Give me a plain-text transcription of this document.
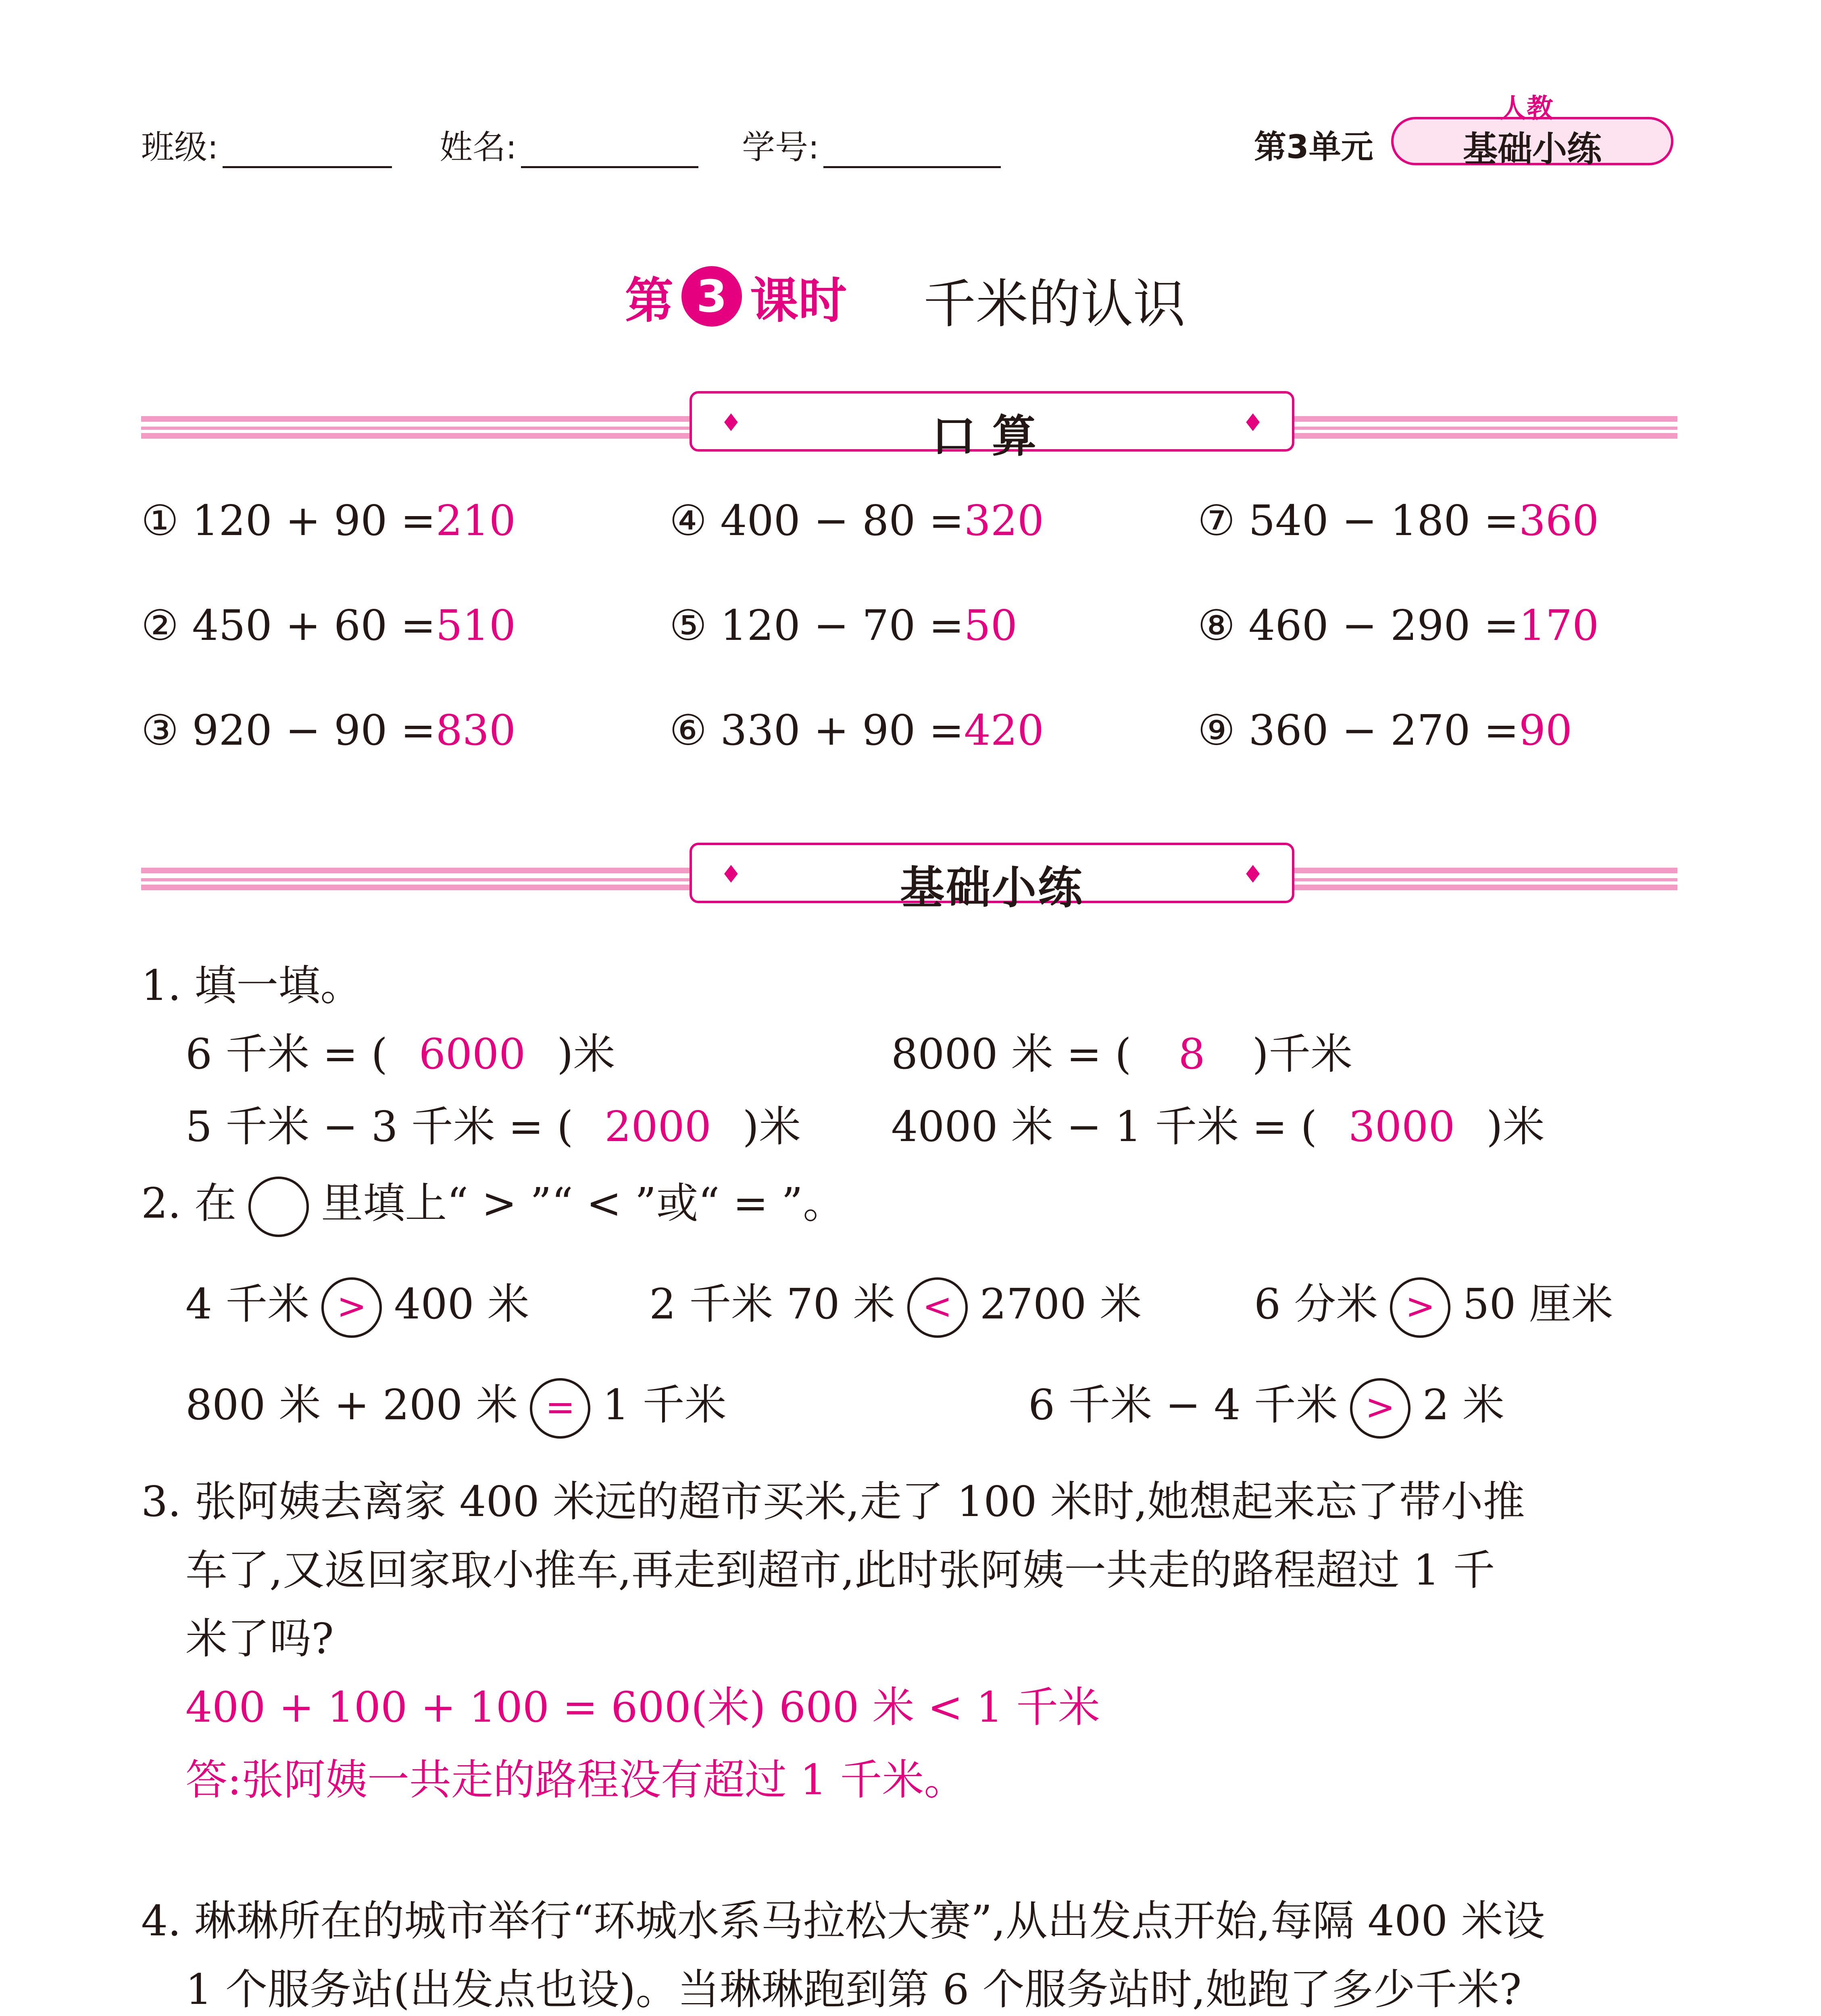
班级:	姓名:	学号:	第3单元
人教
基础小练
第 3 课时 千米的认识
♦	♦
口算
① 120 + 90 =210	④ 400 − 80 =320	⑦ 540 − 180 =360
② 450 + 60 =510	⑤ 120 − 70 =50	⑧ 460 − 290 =170
③ 920 − 90 =830	⑥ 330 + 90 =420	⑨ 360 − 270 =90
♦	♦
基础小练
1. 填一填。
6 千米 = ( 6000 )米	8000 米 = ( 8 )千米
5 千米 − 3 千米 = ( 2000 )米 4000 米 − 1 千米 = ( 3000 )米
2. 在 里填上“ > ”“ < ”或“ = ”。
4 千米 > 400 米	2 千米 70 米 < 2700 米	6 分米 > 50 厘米
800 米 + 200 米 = 1 千米	6 千米 − 4 千米 > 2 米
3. 张阿姨去离家 400 米远的超市买米,走了 100 米时,她想起来忘了带小推
车了,又返回家取小推车,再走到超市,此时张阿姨一共走的路程超过 1 千
米了吗?
400 + 100 + 100 = 600(米) 600 米 < 1 千米
答:张阿姨一共走的路程没有超过 1 千米。
4. 琳琳所在的城市举行“环城水系马拉松大赛”,从出发点开始,每隔 400 米设
1 个服务站(出发点也设)。当琳琳跑到第 6 个服务站时,她跑了多少千米?
